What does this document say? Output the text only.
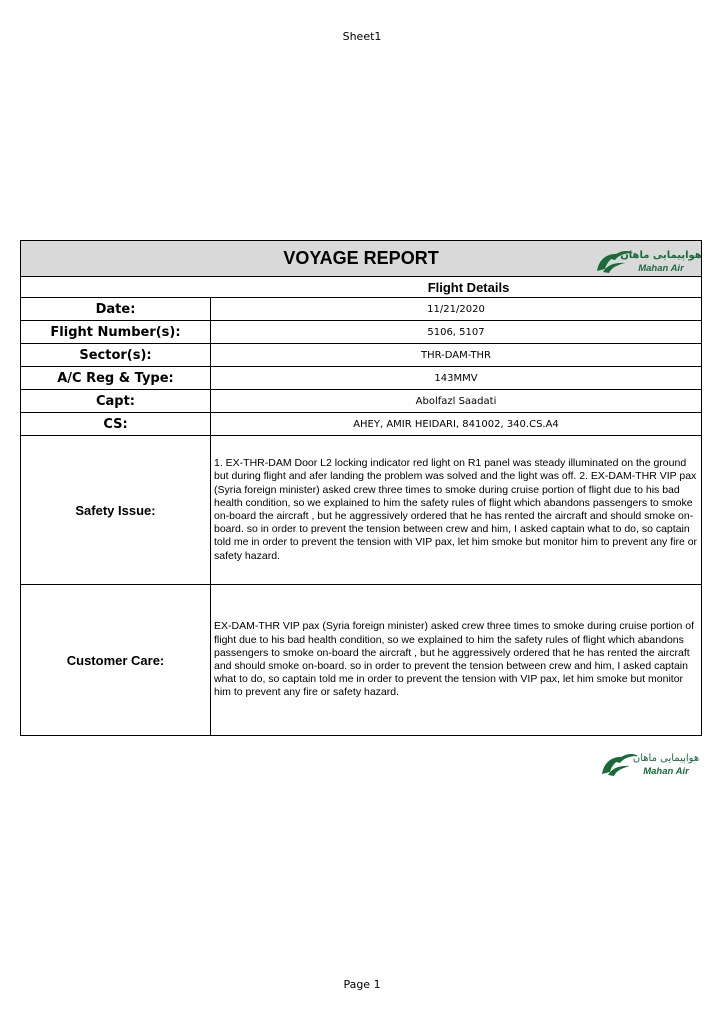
Sheet1
VOYAGE REPORT هواپیمایی ماهان
Mahan Air	

Flight Details	
Date:	11/21/2020
Flight Number(s):	5106, 5107
Sector(s):	THR-DAM-THR
A/C Reg & Type:	143MMV
Capt:	Abolfazl Saadati
CS:	AHEY, AMIR HEIDARI, 841002, 340.CS.A4
Safety Issue:	1. EX-THR-DAM Door L2 locking indicator red light on R1 panel was steady illuminated on the ground but during flight and afer landing the problem was solved and the light was off. 2. EX-DAM-THR VIP pax (Syria foreign minister) asked crew three times to smoke during cruise portion of flight due to his bad health condition, so we explained to him the safety rules of flight which abandons passengers to smoke on-board the aircraft , but he aggressively ordered that he has rented the aircraft and should smoke on-board. so in order to prevent the tension between crew and him, I asked captain what to do, so captain told me in order to prevent the tension with VIP pax, let him smoke but monitor him to prevent any fire or safety hazard.
Customer Care:	EX-DAM-THR VIP pax (Syria foreign minister) asked crew three times to smoke during cruise portion of flight due to his bad health condition, so we explained to him the safety rules of flight which abandons passengers to smoke on-board the aircraft , but he aggressively ordered that he has rented the aircraft and should smoke on-board. so in order to prevent the tension between crew and him, I asked captain what to do, so captain told me in order to prevent the tension with VIP pax, let him smoke but monitor him to prevent any fire or safety hazard.
هواپیمایی ماهان
Mahan Air
Page 1
